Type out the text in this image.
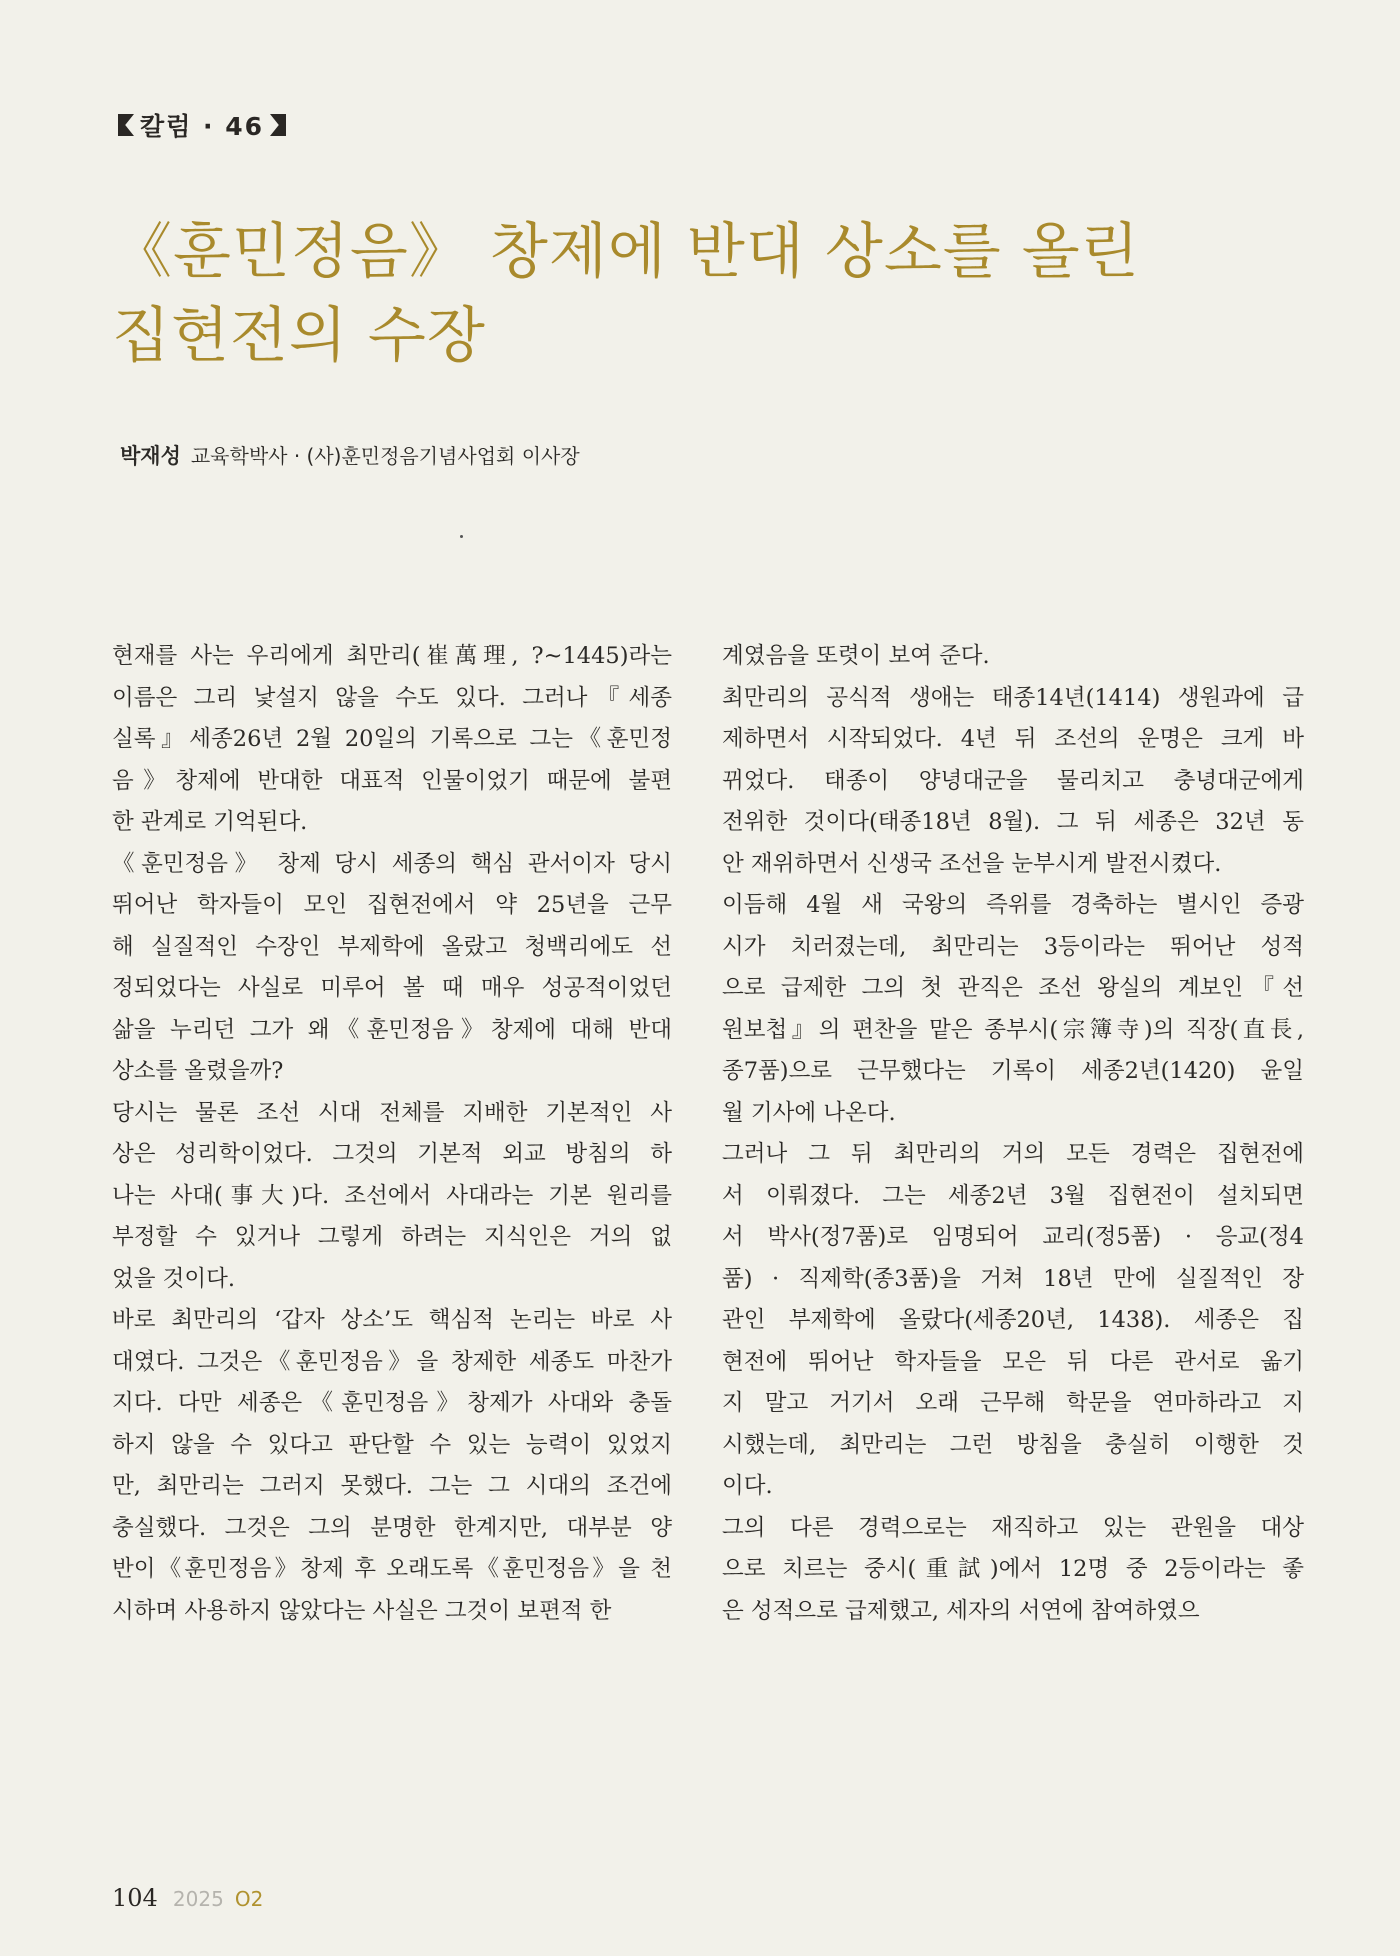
칼럼 · 46
《훈민정음》 창제에 반대 상소를 올린
집현전의 수장
박재성 교육학박사 · (사)훈민정음기념사업회 이사장

현재를 사는 우리에게 최만리(崔萬理, ?~1445)라는
이름은 그리 낯설지 않을 수도 있다. 그러나『세종
실록』세종26년 2월 20일의 기록으로 그는《훈민정
음》창제에 반대한 대표적 인물이었기 때문에 불편
한 관계로 기억된다.

《훈민정음》 창제 당시 세종의 핵심 관서이자 당시
뛰어난 학자들이 모인 집현전에서 약 25년을 근무
해 실질적인 수장인 부제학에 올랐고 청백리에도 선
정되었다는 사실로 미루어 볼 때 매우 성공적이었던
삶을 누리던 그가 왜《훈민정음》창제에 대해 반대
상소를 올렸을까?

당시는 물론 조선 시대 전체를 지배한 기본적인 사
상은 성리학이었다. 그것의 기본적 외교 방침의 하
나는 사대(事大)다. 조선에서 사대라는 기본 원리를
부정할 수 있거나 그렇게 하려는 지식인은 거의 없
었을 것이다.

바로 최만리의 ‘갑자 상소’도 핵심적 논리는 바로 사
대였다. 그것은《훈민정음》을 창제한 세종도 마찬가
지다. 다만 세종은《훈민정음》창제가 사대와 충돌
하지 않을 수 있다고 판단할 수 있는 능력이 있었지
만, 최만리는 그러지 못했다. 그는 그 시대의 조건에
충실했다. 그것은 그의 분명한 한계지만, 대부분 양
반이《훈민정음》창제 후 오래도록《훈민정음》을 천
시하며 사용하지 않았다는 사실은 그것이 보편적 한

계였음을 또렷이 보여 준다.

최만리의 공식적 생애는 태종14년(1414) 생원과에 급
제하면서 시작되었다. 4년 뒤 조선의 운명은 크게 바
뀌었다. 태종이 양녕대군을 물리치고 충녕대군에게
전위한 것이다(태종18년 8월). 그 뒤 세종은 32년 동
안 재위하면서 신생국 조선을 눈부시게 발전시켰다.

이듬해 4월 새 국왕의 즉위를 경축하는 별시인 증광
시가 치러졌는데, 최만리는 3등이라는 뛰어난 성적
으로 급제한 그의 첫 관직은 조선 왕실의 계보인『선
원보첩』의 편찬을 맡은 종부시(宗簿寺)의 직장(直長,
종7품)으로 근무했다는 기록이 세종2년(1420) 윤일
월 기사에 나온다.

그러나 그 뒤 최만리의 거의 모든 경력은 집현전에
서 이뤄졌다. 그는 세종2년 3월 집현전이 설치되면
서 박사(정7품)로 임명되어 교리(정5품) · 응교(정4
품) · 직제학(종3품)을 거쳐 18년 만에 실질적인 장
관인 부제학에 올랐다(세종20년, 1438). 세종은 집
현전에 뛰어난 학자들을 모은 뒤 다른 관서로 옮기
지 말고 거기서 오래 근무해 학문을 연마하라고 지
시했는데, 최만리는 그런 방침을 충실히 이행한 것
이다.

그의 다른 경력으로는 재직하고 있는 관원을 대상
으로 치르는 중시(重試)에서 12명 중 2등이라는 좋
은 성적으로 급제했고, 세자의 서연에 참여하였으

104 2025 O2
